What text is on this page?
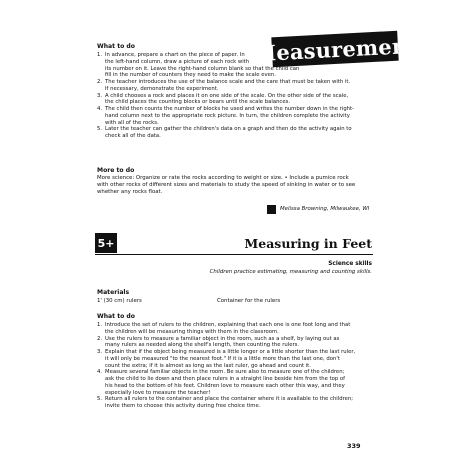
Measurement
What to do
1. In advance, prepare a chart on the piece of paper. In
the left-hand column, draw a picture of each rock with
its number on it. Leave the right-hand column blank so that the child can
fill in the number of counters they need to make the scale even.
2. The teacher introduces the use of the balance scale and the care that must be taken with it.
If necessary, demonstrate the experiment.
3. A child chooses a rock and places it on one side of the scale. On the other side of the scale,
the child places the counting blocks or bears until the scale balances.
4. The child then counts the number of blocks he used and writes the number down in the right-
hand column next to the appropriate rock picture. In turn, the children complete the activity
with all of the rocks.
5. Later the teacher can gather the children's data on a graph and then do the activity again to
check all of the data.
More to do
More science: Organize or rate the rocks according to weight or size. • Include a pumice rock
with other rocks of different sizes and materials to study the speed of sinking in water or to see
whether any rocks float.
Melissa Browning, Milwaukee, WI
5+	Measuring in Feet
Science skills
Children practice estimating, measuring and counting skills.
Materials
1' (30 cm) rulers	Container for the rulers
What to do
1. Introduce the set of rulers to the children, explaining that each one is one foot long and that
the children will be measuring things with them in the classroom.
2. Use the rulers to measure a familiar object in the room, such as a shelf, by laying out as
many rulers as needed along the shelf's length, then counting the rulers.
3. Explain that if the object being measured is a little longer or a little shorter than the last ruler,
it will only be measured "to the nearest foot." If it is a little more than the last one, don't
count the extra; if it is almost as long as the last ruler, go ahead and count it.
4. Measure several familiar objects in the room. Be sure also to measure one of the children;
ask the child to lie down and then place rulers in a straight line beside him from the top of
his head to the bottom of his feet. Children love to measure each other this way, and they
especially love to measure the teacher!
5. Return all rulers to the container and place the container where it is available to the children;
invite them to choose this activity during free choice time.
339
